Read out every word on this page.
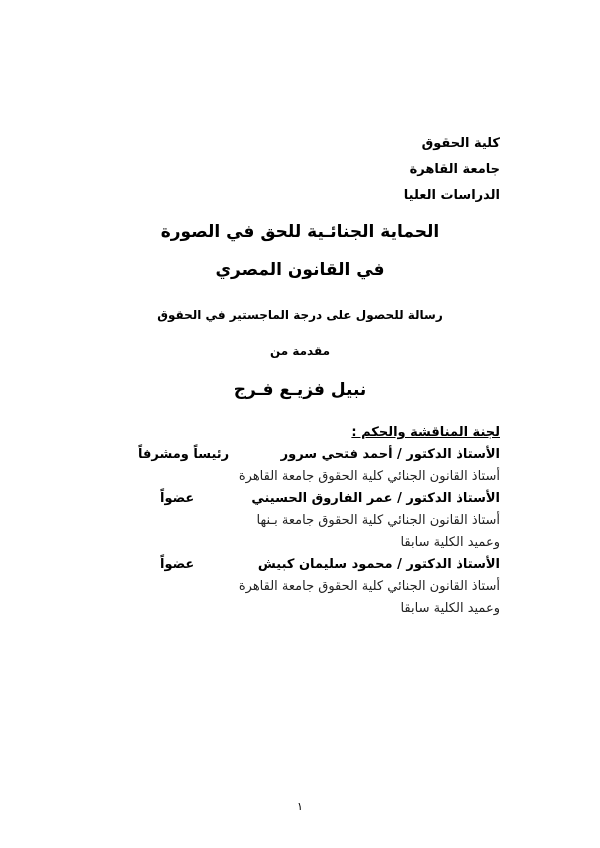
كلية الحقوق
جامعة القاهرة
الدراسات العليا
الحماية الجنائـية للحق في الصورة
في القانون المصري
رسالة للحصول على درجة الماجستير في الحقوق
مقدمة من
نبيل فزيـع فـرج
لجنة المناقشة والحكم :
الأستاذ الدكتور / أحمد فتحي سرور
رئيساً ومشرفاً
أستاذ القانون الجنائي كلية الحقوق جامعة القاهرة
الأستاذ الدكتور / عمر الفاروق الحسيني
عضواً
أستاذ القانون الجنائي كلية الحقوق جامعة بـنها
وعميد الكلية سابقا
الأستاذ الدكتور / محمود سليمان كبيش
عضواً
أستاذ القانون الجنائي كلية الحقوق جامعة القاهرة
وعميد الكلية سابقا
١
